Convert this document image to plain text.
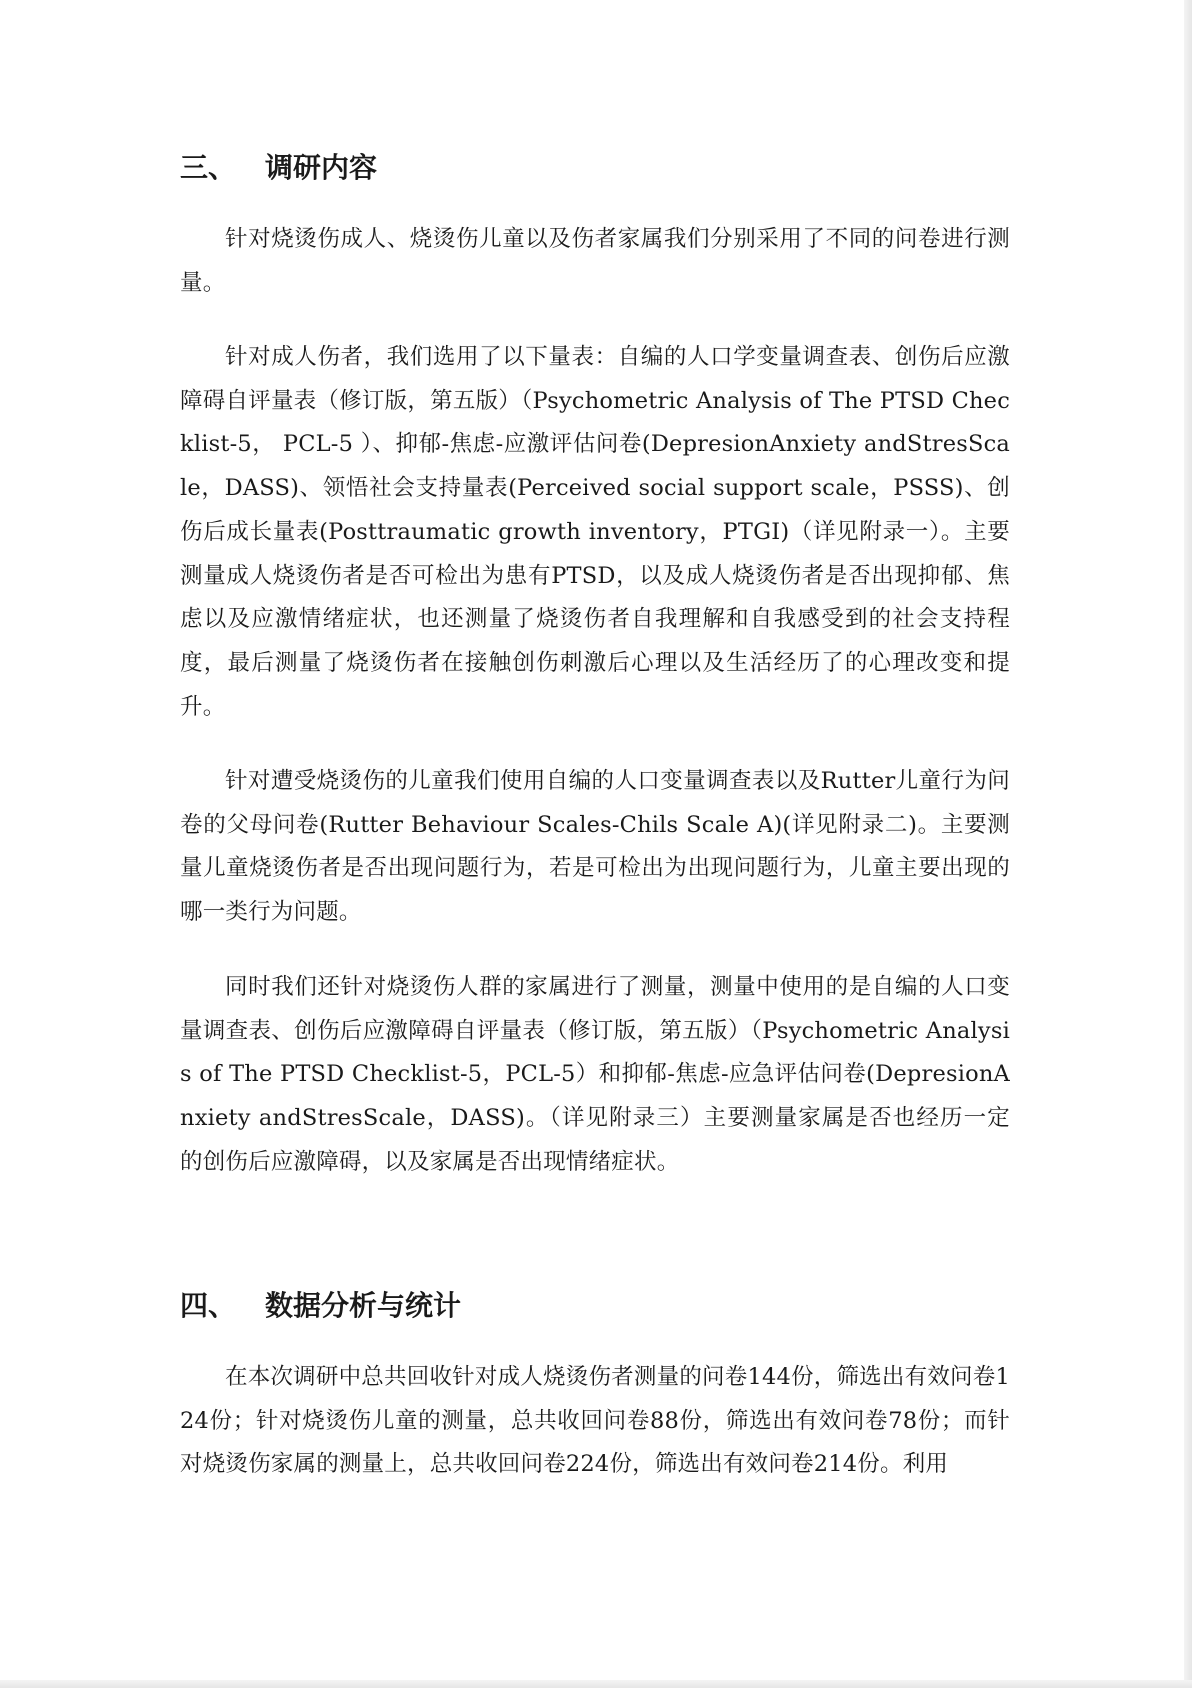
三、 调研内容

针对烧烫伤成人、烧烫伤儿童以及伤者家属我们分别采用了不同的问卷进行测量。

针对成人伤者，我们选用了以下量表：自编的人口学变量调查表、创伤后应激障碍自评量表（修订版，第五版）（Psychometric Analysis of The PTSD Checklist-5， PCL-5 ）、抑郁-焦虑-应激评估问卷(DepresionAnxiety andStresScale，DASS)、领悟社会支持量表(Perceived social support scale，PSSS)、创伤后成长量表(Posttraumatic growth inventory，PTGI)（详见附录一）。主要测量成人烧烫伤者是否可检出为患有PTSD，以及成人烧烫伤者是否出现抑郁、焦虑以及应激情绪症状，也还测量了烧烫伤者自我理解和自我感受到的社会支持程度，最后测量了烧烫伤者在接触创伤刺激后心理以及生活经历了的心理改变和提升。

针对遭受烧烫伤的儿童我们使用自编的人口变量调查表以及Rutter儿童行为问卷的父母问卷(Rutter Behaviour Scales-Chils Scale A)(详见附录二)。主要测量儿童烧烫伤者是否出现问题行为，若是可检出为出现问题行为，儿童主要出现的哪一类行为问题。

同时我们还针对烧烫伤人群的家属进行了测量，测量中使用的是自编的人口变量调查表、创伤后应激障碍自评量表（修订版，第五版）（Psychometric Analysis of The PTSD Checklist-5，PCL-5）和抑郁-焦虑-应急评估问卷(DepresionAnxiety andStresScale，DASS)。（详见附录三）主要测量家属是否也经历一定的创伤后应激障碍，以及家属是否出现情绪症状。

四、 数据分析与统计

在本次调研中总共回收针对成人烧烫伤者测量的问卷144份，筛选出有效问卷124份；针对烧烫伤儿童的测量，总共收回问卷88份，筛选出有效问卷78份；而针对烧烫伤家属的测量上，总共收回问卷224份，筛选出有效问卷214份。利用
